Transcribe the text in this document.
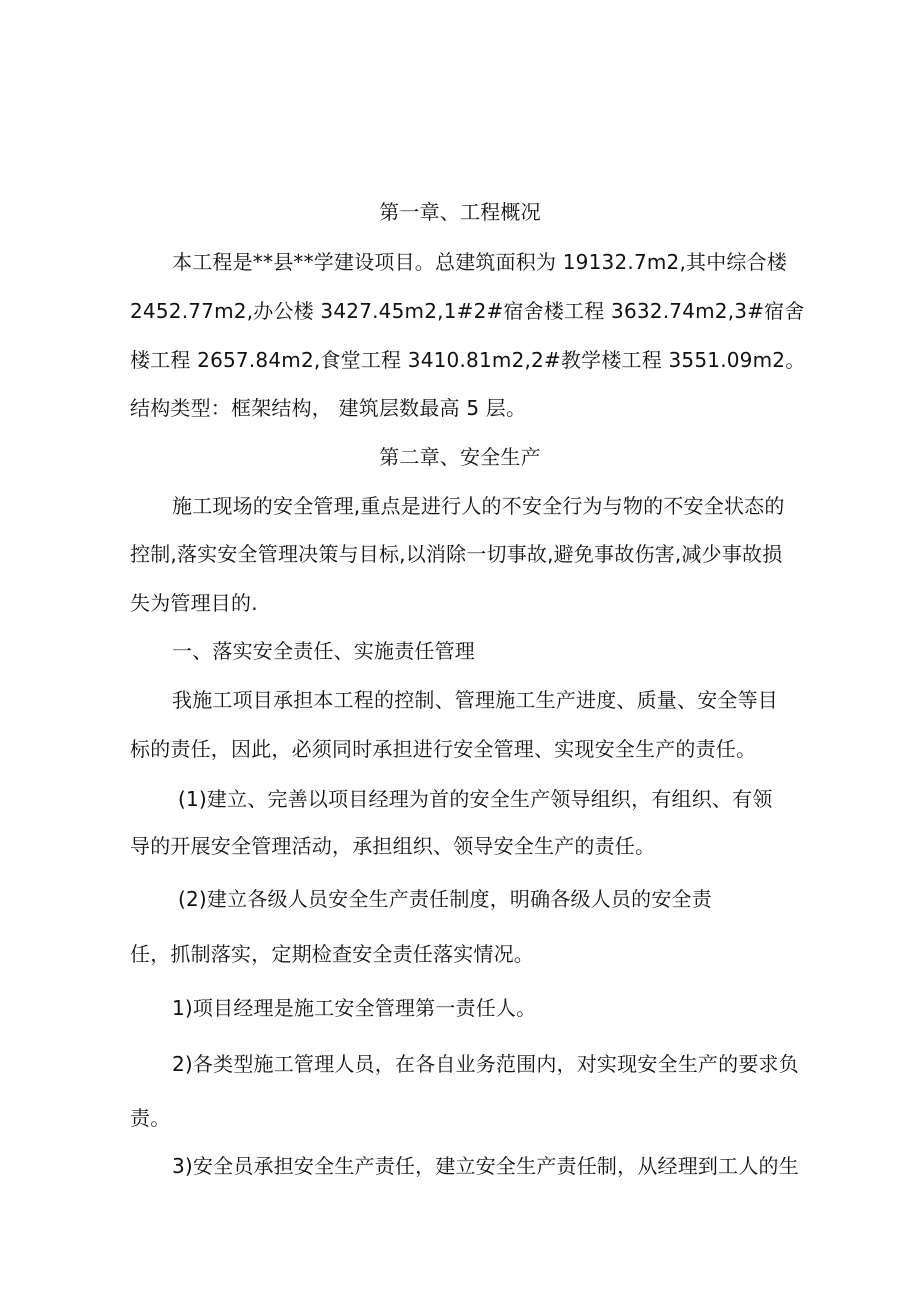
第一章、工程概况
本工程是**县**学建设项目。总建筑面积为 19132.7m2,其中综合楼
2452.77m2,办公楼 3427.45m2,1#2#宿舍楼工程 3632.74m2,3#宿舍
楼工程 2657.84m2,食堂工程 3410.81m2,2#教学楼工程 3551.09m2。
结构类型：框架结构， 建筑层数最高 5 层。
第二章、安全生产
施工现场的安全管理,重点是进行人的不安全行为与物的不安全状态的
控制,落实安全管理决策与目标,以消除一切事故,避免事故伤害,减少事故损
失为管理目的.
一、落实安全责任、实施责任管理
我施工项目承担本工程的控制、管理施工生产进度、质量、安全等目
标的责任，因此，必须同时承担进行安全管理、实现安全生产的责任。
(1)建立、完善以项目经理为首的安全生产领导组织，有组织、有领
导的开展安全管理活动，承担组织、领导安全生产的责任。
(2)建立各级人员安全生产责任制度，明确各级人员的安全责
任，抓制落实，定期检查安全责任落实情况。
1)项目经理是施工安全管理第一责任人。
2)各类型施工管理人员，在各自业务范围内，对实现安全生产的要求负
责。
3)安全员承担安全生产责任，建立安全生产责任制，从经理到工人的生
